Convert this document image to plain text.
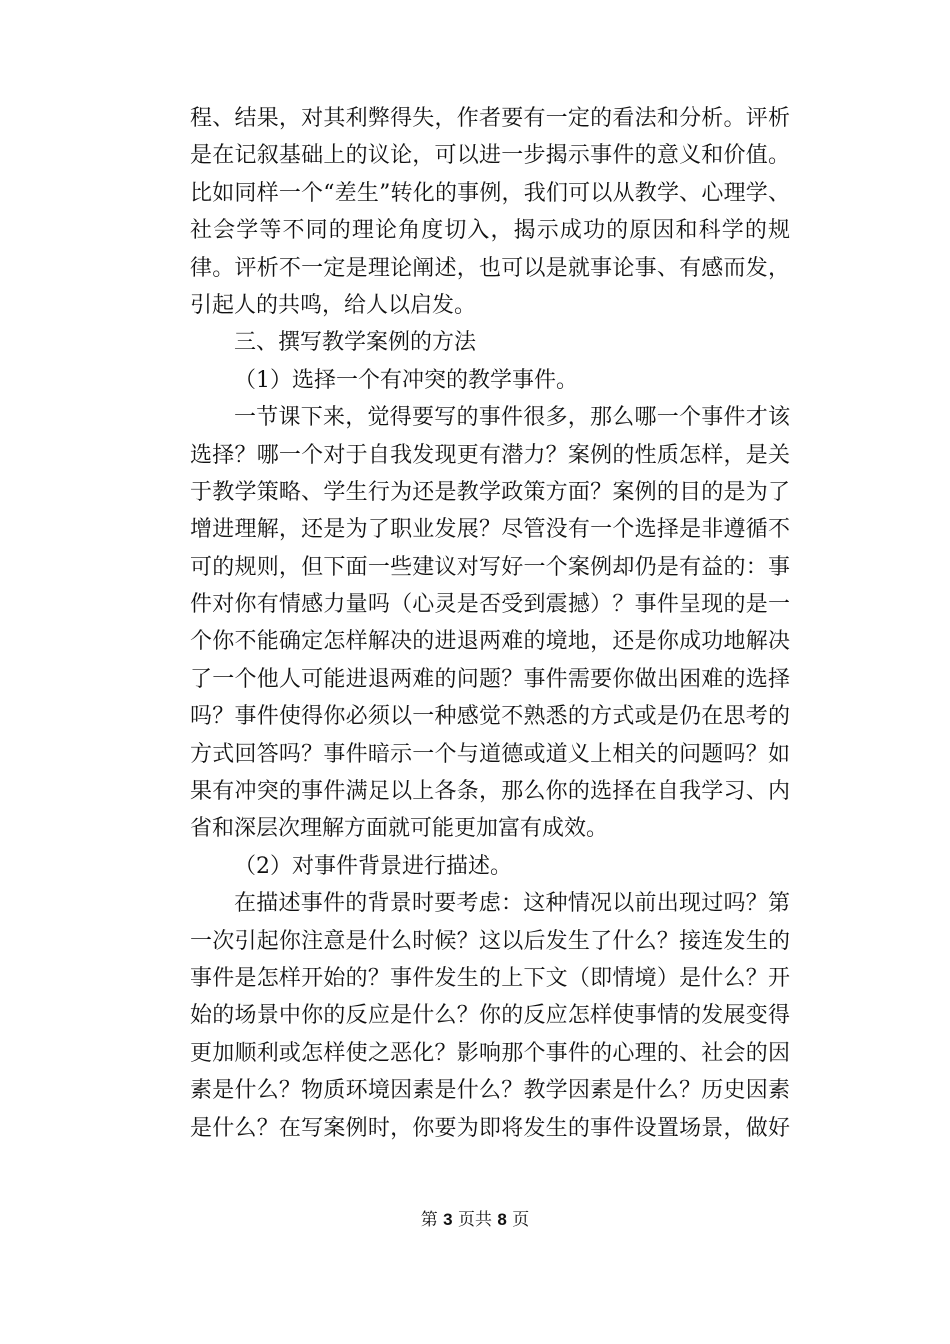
程、结果，对其利弊得失，作者要有一定的看法和分析。评析
是在记叙基础上的议论，可以进一步揭示事件的意义和价值。
比如同样一个“差生”转化的事例，我们可以从教学、心理学、
社会学等不同的理论角度切入，揭示成功的原因和科学的规
律。评析不一定是理论阐述，也可以是就事论事、有感而发，
引起人的共鸣，给人以启发。
三、撰写教学案例的方法
（1）选择一个有冲突的教学事件。
一节课下来，觉得要写的事件很多，那么哪一个事件才该
选择？哪一个对于自我发现更有潜力？案例的性质怎样，是关
于教学策略、学生行为还是教学政策方面？案例的目的是为了
增进理解，还是为了职业发展？尽管没有一个选择是非遵循不
可的规则，但下面一些建议对写好一个案例却仍是有益的：事
件对你有情感力量吗（心灵是否受到震撼）？事件呈现的是一
个你不能确定怎样解决的进退两难的境地，还是你成功地解决
了一个他人可能进退两难的问题？事件需要你做出困难的选择
吗？事件使得你必须以一种感觉不熟悉的方式或是仍在思考的
方式回答吗？事件暗示一个与道德或道义上相关的问题吗？如
果有冲突的事件满足以上各条，那么你的选择在自我学习、内
省和深层次理解方面就可能更加富有成效。
（2）对事件背景进行描述。
在描述事件的背景时要考虑：这种情况以前出现过吗？第
一次引起你注意是什么时候？这以后发生了什么？接连发生的
事件是怎样开始的？事件发生的上下文（即情境）是什么？开
始的场景中你的反应是什么？你的反应怎样使事情的发展变得
更加顺利或怎样使之恶化？影响那个事件的心理的、社会的因
素是什么？物质环境因素是什么？教学因素是什么？历史因素
是什么？在写案例时，你要为即将发生的事件设置场景，做好
第 3 页共 8 页
